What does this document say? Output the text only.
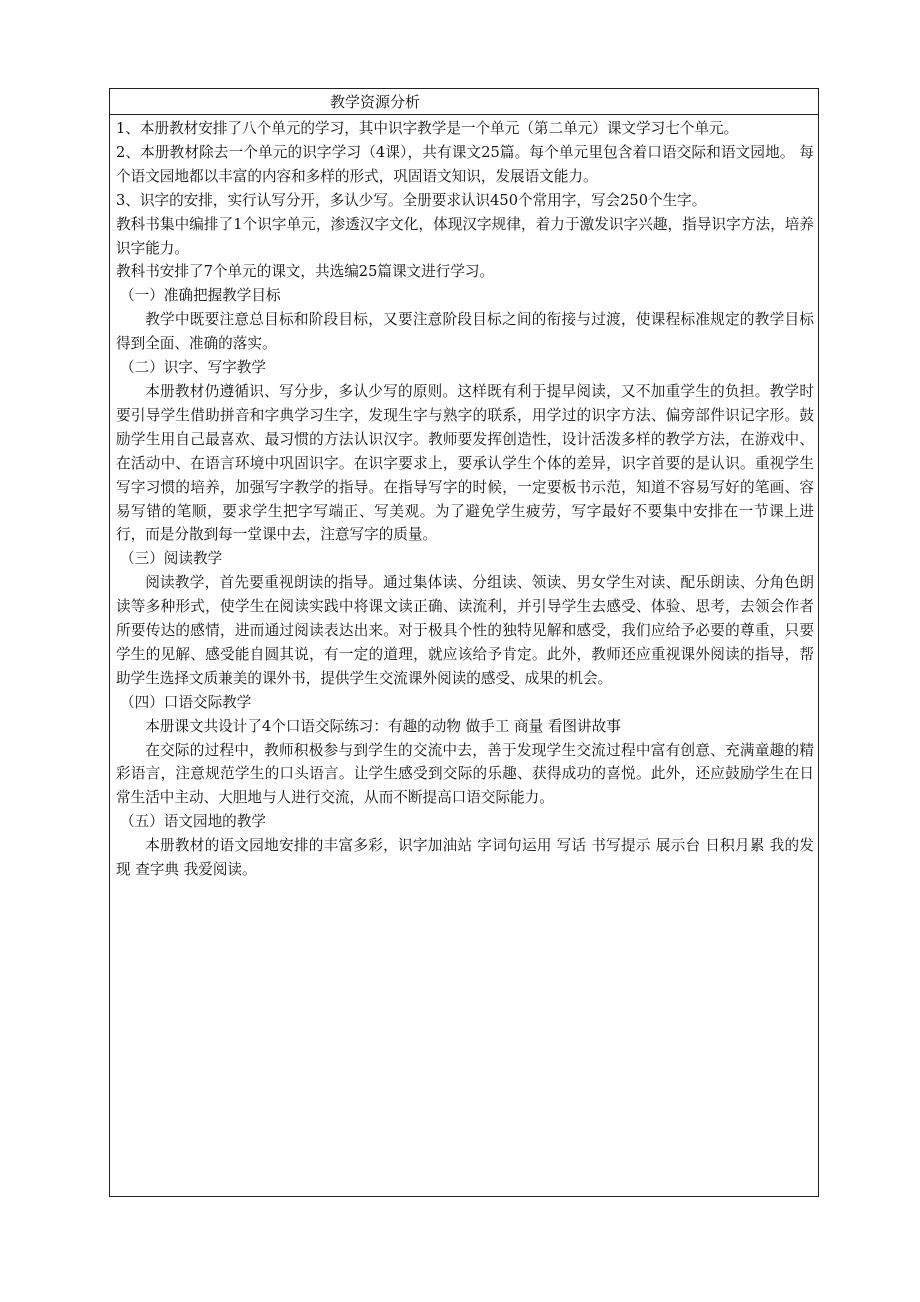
教学资源分析

1、本册教材安排了八个单元的学习，其中识字教学是一个单元（第二单元）课文学习七个单元。

2、本册教材除去一个单元的识字学习（4课），共有课文25篇。每个单元里包含着口语交际和语文园地。 每个语文园地都以丰富的内容和多样的形式，巩固语文知识，发展语文能力。

3、识字的安排，实行认写分开，多认少写。全册要求认识450个常用字，写会250个生字。

教科书集中编排了1个识字单元，渗透汉字文化，体现汉字规律，着力于激发识字兴趣，指导识字方法，培养识字能力。

教科书安排了7个单元的课文，共选编25篇课文进行学习。

（一）准确把握教学目标

教学中既要注意总目标和阶段目标，又要注意阶段目标之间的衔接与过渡，使课程标准规定的教学目标得到全面、准确的落实。

（二）识字、写字教学

本册教材仍遵循识、写分步，多认少写的原则。这样既有利于提早阅读，又不加重学生的负担。教学时要引导学生借助拼音和字典学习生字，发现生字与熟字的联系，用学过的识字方法、偏旁部件识记字形。鼓励学生用自己最喜欢、最习惯的方法认识汉字。教师要发挥创造性，设计活泼多样的教学方法，在游戏中、在活动中、在语言环境中巩固识字。在识字要求上，要承认学生个体的差异，识字首要的是认识。重视学生写字习惯的培养，加强写字教学的指导。在指导写字的时候，一定要板书示范，知道不容易写好的笔画、容易写错的笔顺，要求学生把字写端正、写美观。为了避免学生疲劳，写字最好不要集中安排在一节课上进行，而是分散到每一堂课中去，注意写字的质量。

（三）阅读教学

阅读教学，首先要重视朗读的指导。通过集体读、分组读、领读、男女学生对读、配乐朗读、分角色朗读等多种形式，使学生在阅读实践中将课文读正确、读流利，并引导学生去感受、体验、思考，去领会作者所要传达的感情，进而通过阅读表达出来。对于极具个性的独特见解和感受，我们应给予必要的尊重，只要学生的见解、感受能自圆其说，有一定的道理，就应该给予肯定。此外，教师还应重视课外阅读的指导，帮助学生选择文质兼美的课外书，提供学生交流课外阅读的感受、成果的机会。

（四）口语交际教学

本册课文共设计了4个口语交际练习：有趣的动物 做手工 商量 看图讲故事

在交际的过程中，教师积极参与到学生的交流中去，善于发现学生交流过程中富有创意、充满童趣的精彩语言，注意规范学生的口头语言。让学生感受到交际的乐趣、获得成功的喜悦。此外，还应鼓励学生在日常生活中主动、大胆地与人进行交流，从而不断提高口语交际能力。

（五）语文园地的教学

本册教材的语文园地安排的丰富多彩，识字加油站 字词句运用 写话 书写提示 展示台 日积月累 我的发现 查字典 我爱阅读。
